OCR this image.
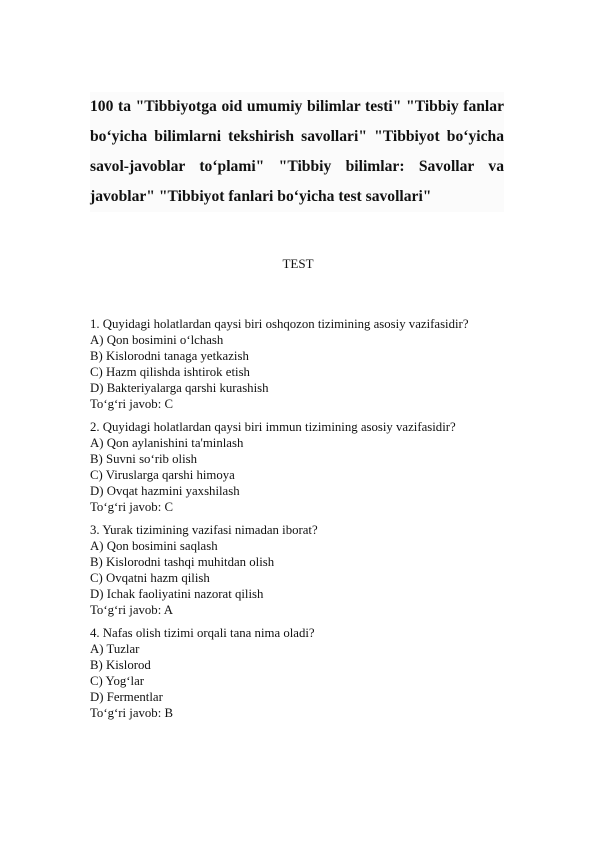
100 ta "Tibbiyotga oid umumiy bilimlar testi" "Tibbiy fanlar bo‘yicha bilimlarni tekshirish savollari" "Tibbiyot bo‘yicha savol-javoblar to‘plami" "Tibbiy bilimlar: Savollar va javoblar" "Tibbiyot fanlari bo‘yicha test savollari"
TEST
1. Quyidagi holatlardan qaysi biri oshqozon tizimining asosiy vazifasidir?
A) Qon bosimini o‘lchash
B) Kislorodni tanaga yetkazish
C) Hazm qilishda ishtirok etish
D) Bakteriyalarga qarshi kurashish
To‘g‘ri javob: C
2. Quyidagi holatlardan qaysi biri immun tizimining asosiy vazifasidir?
A) Qon aylanishini ta'minlash
B) Suvni so‘rib olish
C) Viruslarga qarshi himoya
D) Ovqat hazmini yaxshilash
To‘g‘ri javob: C
3. Yurak tizimining vazifasi nimadan iborat?
A) Qon bosimini saqlash
B) Kislorodni tashqi muhitdan olish
C) Ovqatni hazm qilish
D) Ichak faoliyatini nazorat qilish
To‘g‘ri javob: A
4. Nafas olish tizimi orqali tana nima oladi?
A) Tuzlar
B) Kislorod
C) Yog‘lar
D) Fermentlar
To‘g‘ri javob: B
